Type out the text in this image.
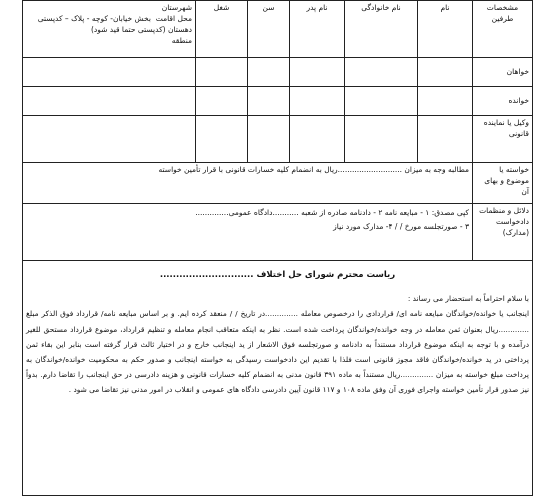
مشخصات طرفین	نام	نام خانوادگی	نام پدر	سن	شغل	شهرستان
محل اقامت  بخش خیابان- کوچه - پلاک – کدپستی
دهستان (کدپستی حتما قید شود)
منطقه

خواهان						
خوانده						
وکیل یا نماینده قانونی						
خواسته یا موضوع و بهای آن	مطالبه وجه به میزان ...........................ریال به انضمام کلیه خسارات قانونی با قرار تأمین خواسته					
دلائل و منظمات دادخواست (مدارک)	کپی مصدق: ۱ - مبایعه نامه ۲ - دادنامه صادره از شعبه ...........دادگاه عمومی..............
۳ - صورتجلسه مورخ / / ۴- مدارک مورد نیاز					

ریاست محترم شورای حل اختلاف .............................
با سلام احتراماً به استحضار می رساند :
اینجانب یا خوانده/خواندگان مبایعه نامه ای/ قراردادی را درخصوص معامله ..............در تاریخ / / منعقد کرده ایم. و بر اساس مبایعه نامه/ قرارداد فوق الذکر مبلغ .............ریال بعنوان ثمن معامله در وجه خوانده/خواندگان پرداخت شده است. نظر به اینکه متعاقب انجام معامله و تنظیم قرارداد، موضوع قرارداد مستحق للغیر درآمده و با توجه به اینکه موضوع قرارداد مستنداً به دادنامه و صورتجلسه فوق الاشعار از ید اینجانب خارج و در اختیار ثالث قرار گرفته است بنابر این بقاء ثمن پرداختی در ید خوانده/خواندگان فاقد مجوز قانونی است فلذا با تقدیم این دادخواست رسیدگی به خواسته اینجانب و صدور حکم به محکومیت خوانده/خواندگان به پرداخت مبلغ خواسته به میزان ..............ریال مستنداً به ماده ۳۹۱ قانون مدنی به انضمام کلیه خسارات قانونی و هزینه دادرسی در حق اینجانب را تقاضا دارم. بدواً نیز صدور قرار تأمین خواسته واجرای فوری آن وفق ماده ۱۰۸ و ۱۱۷ قانون آیین دادرسی دادگاه های عمومی و انقلاب در امور مدنی نیز تقاضا می شود .						
